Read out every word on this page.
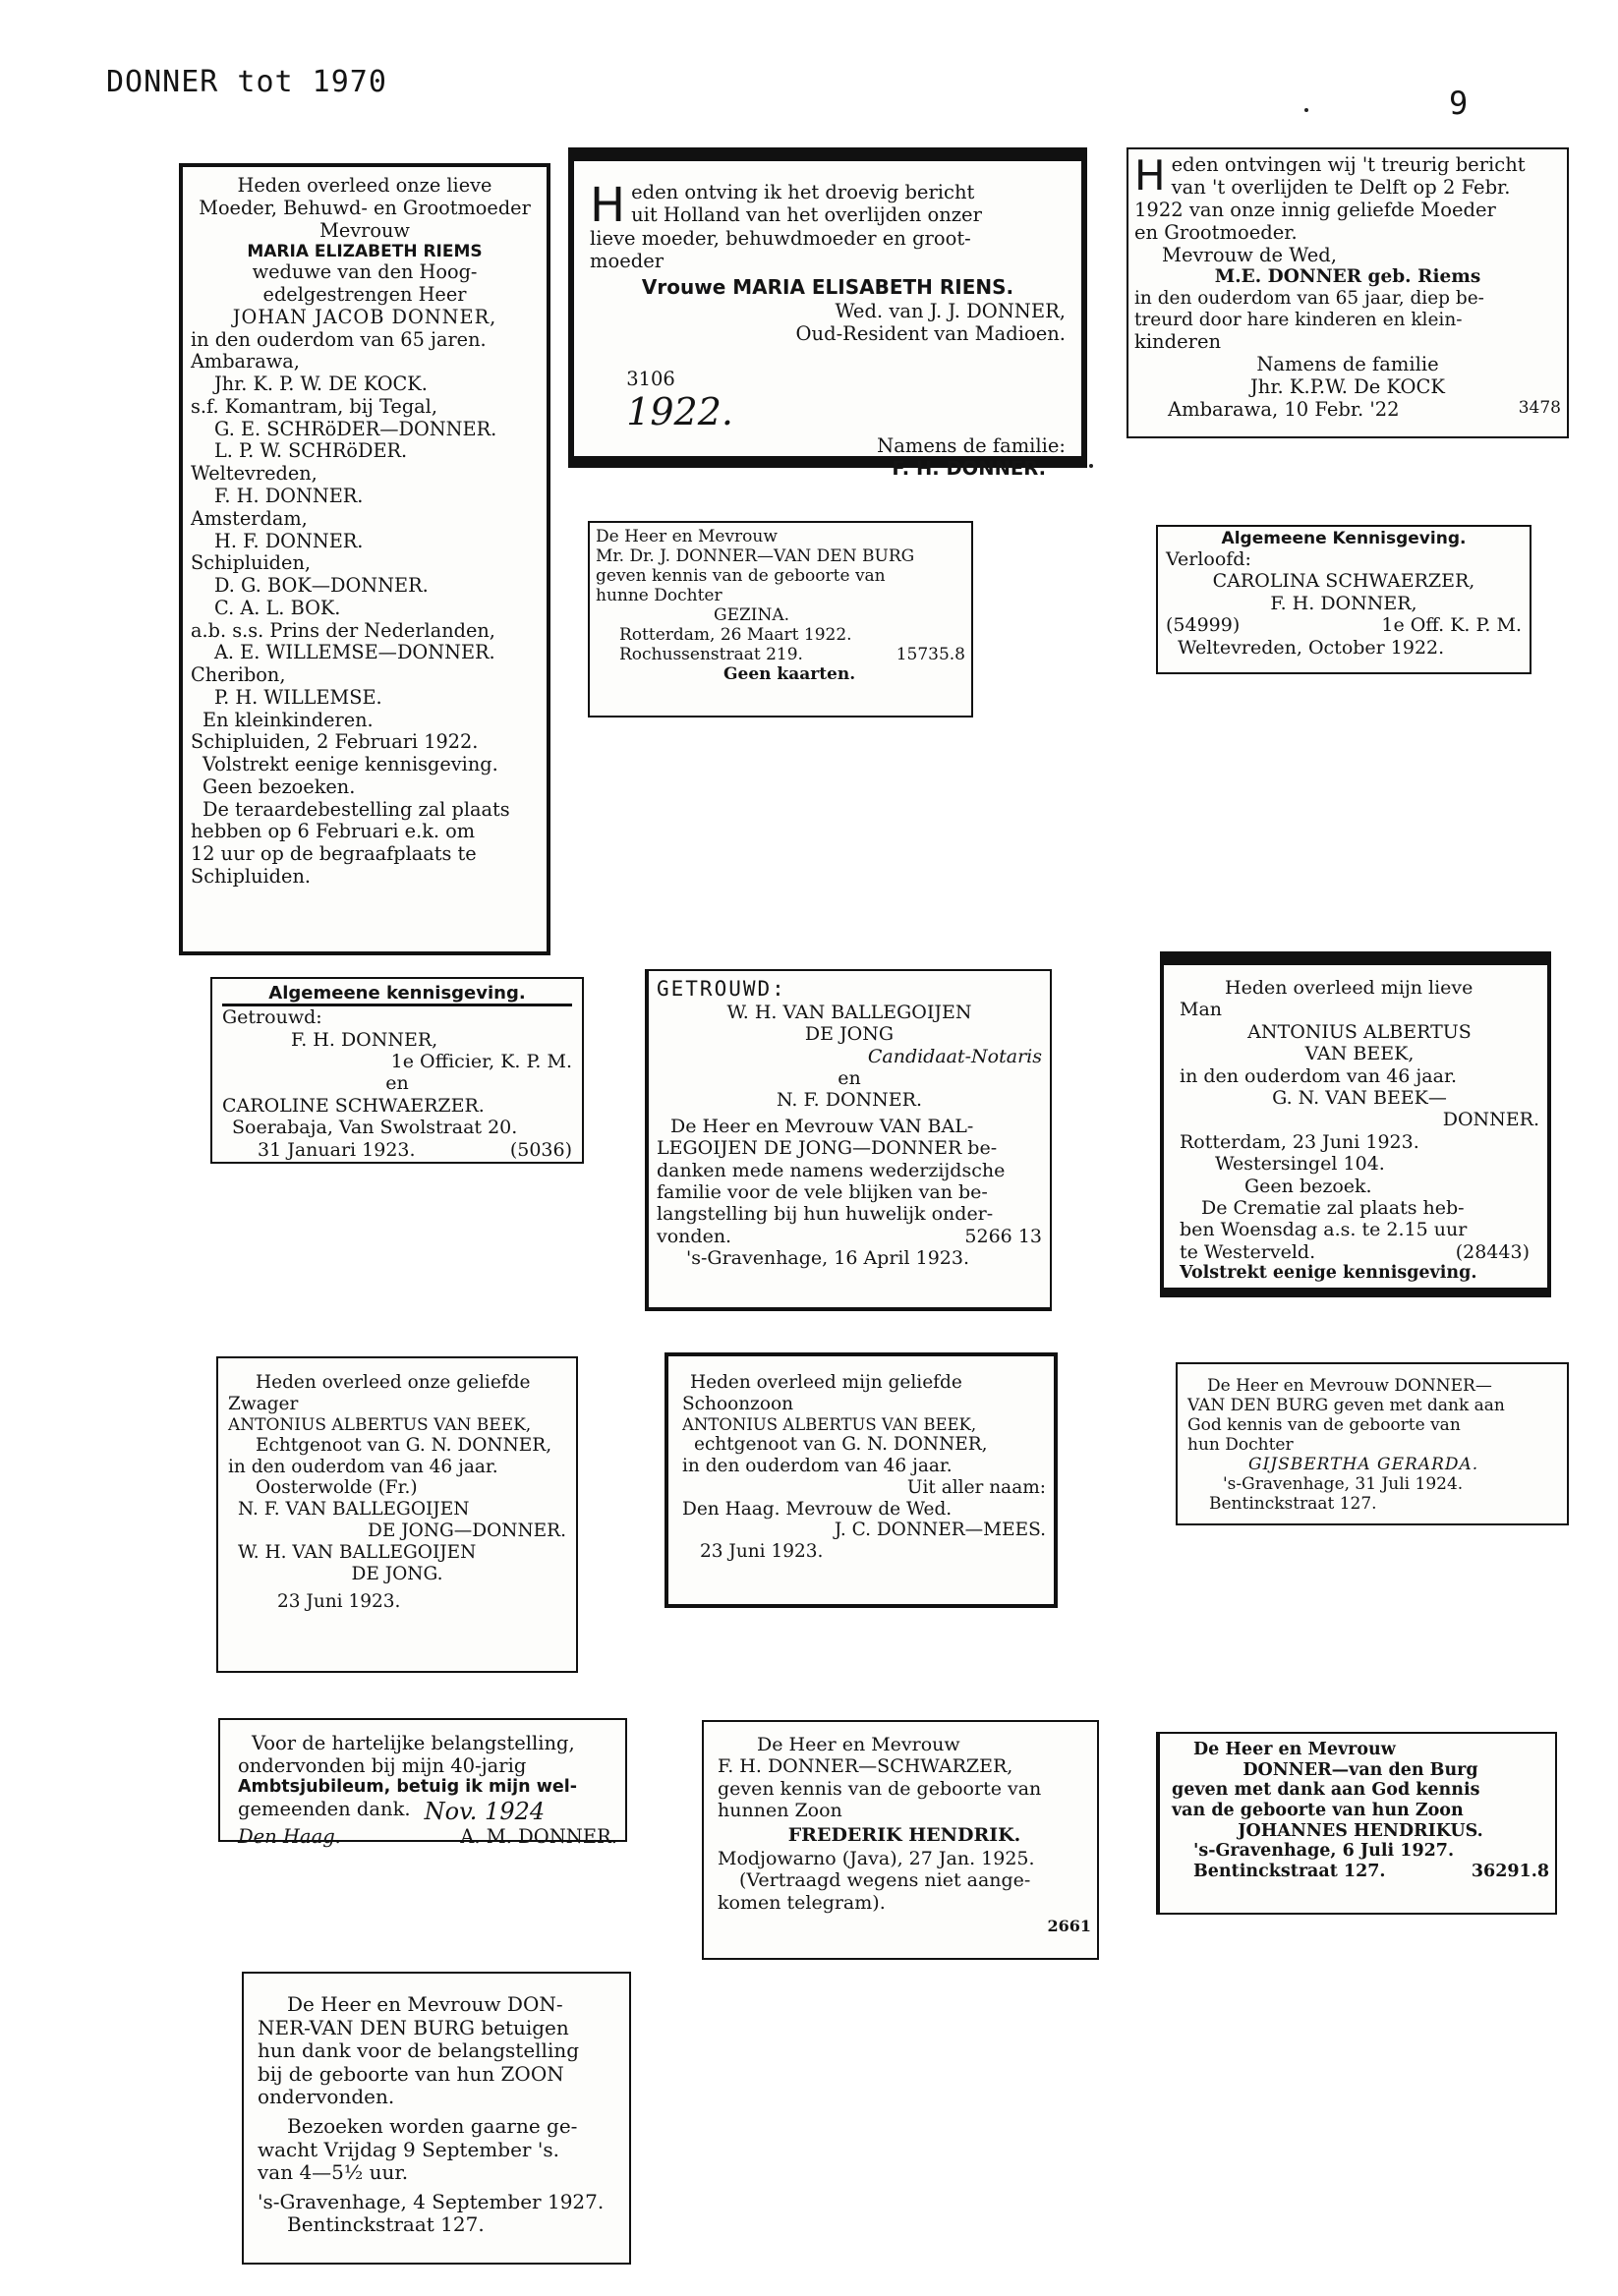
DONNER tot 1970
9
Heden overleed onze lieve
Moeder, Behuwd- en Grootmoeder
Mevrouw
MARIA ELIZABETH RIEMS
weduwe van den Hoog-
edelgestrengen Heer
JOHAN JACOB DONNER,
in den ouderdom van 65 jaren.
Ambarawa,
Jhr. K. P. W. DE KOCK.
s.f. Komantram, bij Tegal,
G. E. SCHRöDER—DONNER.
L. P. W. SCHRöDER.
Weltevreden,
F. H. DONNER.
Amsterdam,
H. F. DONNER.
Schipluiden,
D. G. BOK—DONNER.
C. A. L. BOK.
a.b. s.s. Prins der Nederlanden,
A. E. WILLEMSE—DONNER.
Cheribon,
P. H. WILLEMSE.
En kleinkinderen.
Schipluiden, 2 Februari 1922.
Volstrekt eenige kennisgeving.
Geen bezoeken.
De teraardebestelling zal plaats
hebben op 6 Februari e.k. om
12 uur op de begraafplaats te
Schipluiden.
Algemeene kennisgeving.
Getrouwd:
F. H. DONNER,
1e Officier, K. P. M.
en
CAROLINE SCHWAERZER.
Soerabaja, Van Swolstraat 20.
31 Januari 1923.	(5036)
Heden overleed onze geliefde
Zwager
ANTONIUS ALBERTUS VAN BEEK,
Echtgenoot van G. N. DONNER,
in den ouderdom van 46 jaar.
Oosterwolde (Fr.)
N. F. VAN BALLEGOIJEN
DE JONG—DONNER.
W. H. VAN BALLEGOIJEN
DE JONG.
23 Juni 1923.
Voor de hartelijke belangstelling,
ondervonden bij mijn 40-jarig
Ambtsjubileum, betuig ik mijn wel-
gemeenden dank. Nov. 1924
Den Haag.	A. M. DONNER.
De Heer en Mevrouw DON-
NER-VAN DEN BURG betuigen
hun dank voor de belangstelling
bij de geboorte van hun ZOON
ondervonden.
Bezoeken worden gaarne ge-
wacht Vrijdag 9 September 's.
van 4—5½ uur.
's-Gravenhage, 4 September 1927.
Bentinckstraat 127.
H eden ontving ik het droevig bericht
uit Holland van het overlijden onzer
lieve moeder, behuwdmoeder en groot-
moeder
Vrouwe MARIA ELISABETH RIENS.
Wed. van J. J. DONNER,
Oud-Resident van Madioen.

3106
1922.

Namens de familie:
F. H. DONNER.
De Heer en Mevrouw
Mr. Dr. J. DONNER—VAN DEN BURG
geven kennis van de geboorte van
hunne Dochter
GEZINA.
Rotterdam, 26 Maart 1922.
Rochussenstraat 219.	15735.8
Geen kaarten.
GETROUWD:
W. H. VAN BALLEGOIJEN
DE JONG
Candidaat-Notaris
en
N. F. DONNER.
De Heer en Mevrouw VAN BAL-
LEGOIJEN DE JONG—DONNER be-
danken mede namens wederzijdsche
familie voor de vele blijken van be-
langstelling bij hun huwelijk onder-
vonden.	5266 13
's-Gravenhage, 16 April 1923.
Heden overleed mijn geliefde
Schoonzoon
ANTONIUS ALBERTUS VAN BEEK,
echtgenoot van G. N. DONNER,
in den ouderdom van 46 jaar.
Uit aller naam:
Den Haag. Mevrouw de Wed.
J. C. DONNER—MEES.
23 Juni 1923.
De Heer en Mevrouw
F. H. DONNER—SCHWARZER,
geven kennis van de geboorte van
hunnen Zoon
FREDERIK HENDRIK.
Modjowarno (Java), 27 Jan. 1925.
(Vertraagd wegens niet aange-
komen telegram).
2661
H eden ontvingen wij 't treurig bericht
van 't overlijden te Delft op 2 Febr.
1922 van onze innig geliefde Moeder
en Grootmoeder.
Mevrouw de Wed,
M.E. DONNER geb. Riems
in den ouderdom van 65 jaar, diep be-
treurd door hare kinderen en klein-
kinderen
Namens de familie
Jhr. K.P.W. De KOCK
Ambarawa, 10 Febr. '22	3478
Algemeene Kennisgeving.
Verloofd:
CAROLINA SCHWAERZER,
F. H. DONNER,
(54999)	1e Off. K. P. M.
Weltevreden, October 1922.
Heden overleed mijn lieve
Man
ANTONIUS ALBERTUS
VAN BEEK,
in den ouderdom van 46 jaar.
G. N. VAN BEEK—
DONNER.
Rotterdam, 23 Juni 1923.
Westersingel 104.
Geen bezoek.
De Crematie zal plaats heb-
ben Woensdag a.s. te 2.15 uur
te Westerveld.	(28443)
Volstrekt eenige kennisgeving.
De Heer en Mevrouw DONNER—
VAN DEN BURG geven met dank aan
God kennis van de geboorte van
hun Dochter
GIJSBERTHA GERARDA.
's-Gravenhage, 31 Juli 1924.
Bentinckstraat 127.
De Heer en Mevrouw
DONNER—van den Burg
geven met dank aan God kennis
van de geboorte van hun Zoon
JOHANNES HENDRIKUS.
's-Gravenhage, 6 Juli 1927.
Bentinckstraat 127.	36291.8
